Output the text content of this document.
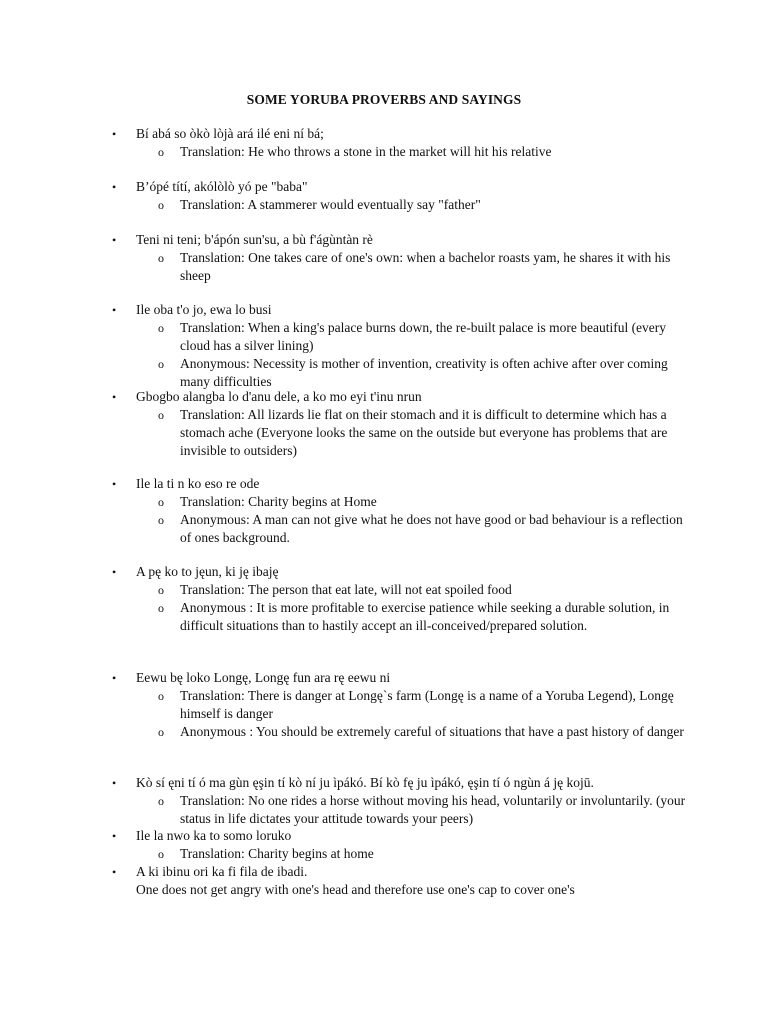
SOME YORUBA PROVERBS AND SAYINGS
•	Bí abá so òkò lòjà ará ilé eni ní bá;
o	Translation: He who throws a stone in the market will hit his relative
•	B’ópé títí, akólòlò yó pe "baba"
o	Translation: A stammerer would eventually say "father"
•	Teni ni teni; b'ápón sun'su, a bù f'ágùntàn rè
o	Translation: One takes care of one's own: when a bachelor roasts yam, he shares it with his sheep
•	Ile oba t'o jo, ewa lo busi
o	Translation: When a king's palace burns down, the re-built palace is more beautiful (every cloud has a silver lining)
o	Anonymous: Necessity is mother of invention, creativity is often achive after over coming many difficulties
•	Gbogbo alangba lo d'anu dele, a ko mo eyi t'inu nrun
o	Translation: All lizards lie flat on their stomach and it is difficult to determine which has a stomach ache (Everyone looks the same on the outside but everyone has problems that are invisible to outsiders)
•	Ile la ti n ko eso re ode
o	Translation: Charity begins at Home
o	Anonymous: A man can not give what he does not have good or bad behaviour is a reflection of ones background.
•	A pę ko to jęun, ki ję ibaję
o	Translation: The person that eat late, will not eat spoiled food
o	Anonymous : It is more profitable to exercise patience while seeking a durable solution, in difficult situations than to hastily accept an ill-conceived/prepared solution.
•	Eewu bę loko Longę, Longę fun ara rę eewu ni
o	Translation: There is danger at Longę`s farm (Longę is a name of a Yoruba Legend), Longę himself is danger
o	Anonymous : You should be extremely careful of situations that have a past history of danger
•	Kò sí ęni tí ó ma gùn ęşin tí kò ní ju ìpákó. Bí kò fę ju ìpákó, ęşin tí ó ngùn á ję kojū.
o	Translation: No one rides a horse without moving his head, voluntarily or involuntarily. (your status in life dictates your attitude towards your peers)
•	Ile la nwo ka to somo loruko
o	Translation: Charity begins at home
•	A ki ibinu ori ka fi fila de ibadi.
One does not get angry with one's head and therefore use one's cap to cover one's
